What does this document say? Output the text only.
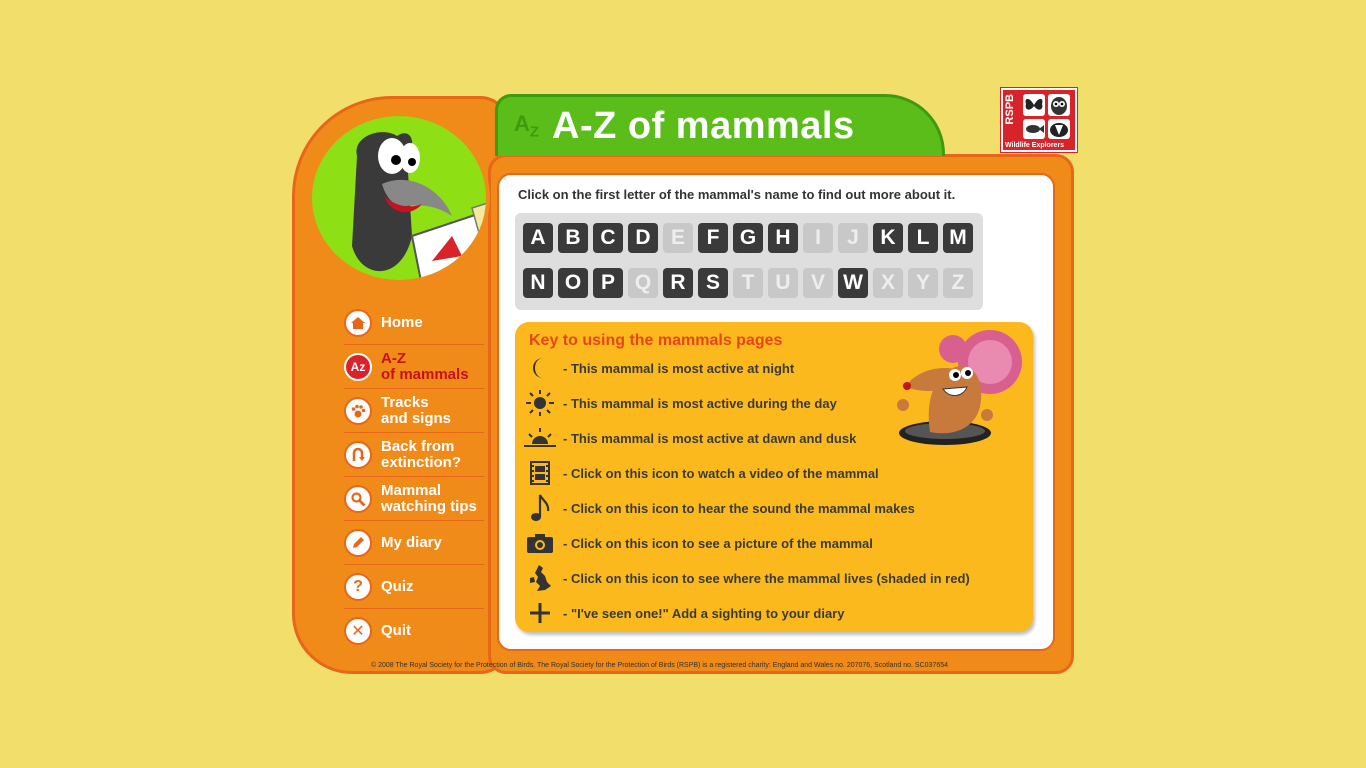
$A_Z$ A-Z of mammals	RSPB
Wildlife Explorers
Home
Az	A-Z
of mammals
Tracks
and signs
Back from
extinction?
Mammal
watching tips
My diary
?	Quiz
✕	Quit

Click on the first letter of the mammal's name to find out more about it.

A B C D E	F G H	I	J	K	L M
N O P Q R S	T	U V W X Y	Z
Key to using the mammals pages
- This mammal is most active at night
- This mammal is most active during the day
- This mammal is most active at dawn and dusk
- Click on this icon to watch a video of the mammal
- Click on this icon to hear the sound the mammal makes
- Click on this icon to see a picture of the mammal
- Click on this icon to see where the mammal lives (shaded in red)
- "I've seen one!" Add a sighting to your diary

© 2008 The Royal Society for the Protection of Birds. The Royal Society for the Protection of Birds (RSPB) is a registered charity: England and Wales no. 207076, Scotland no. SC037654
